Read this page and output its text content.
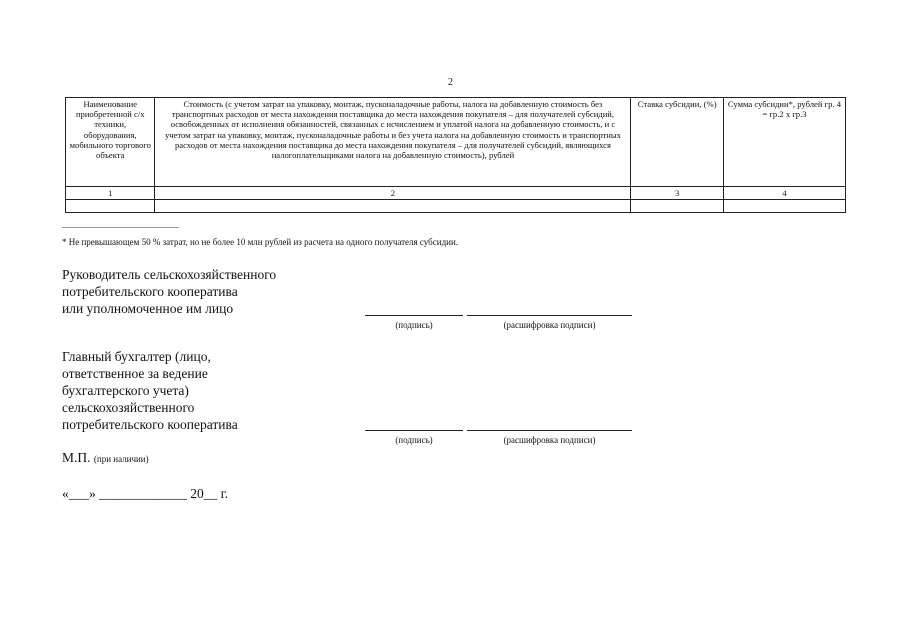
2
Наименование приобретенной с/х техники, оборудования, мобильного торгового объекта	Стоимость (с учетом затрат на упаковку, монтаж, пусконаладочные работы, налога на добавленную стоимость без транспортных расходов от места нахождения поставщика до места нахождения покупателя – для получателей субсидий, освобожденных от исполнения обязанностей, связанных с исчислением и уплатой налога на добавленную стоимость, и с учетом затрат на упаковку, монтаж, пусконаладочные работы и без учета налога на добавленную стоимость и транспортных расходов от места нахождения поставщика до места нахождения покупателя – для получателей субсидий, являющихся налогоплательщиками налога на добавленную стоимость), рублей	Ставка субсидии, (%)	Сумма субсидии*, рублей гр. 4 = гр.2 x гр.3
1	2	3	4

* Не превышающем 50 % затрат, но не более 10 млн рублей из расчета на одного получателя субсидии.
Руководитель сельскохозяйственного
потребительского кооператива
или уполномоченное им лицо
(подпись)	(расшифровка подписи)
Главный бухгалтер (лицо,
ответственное за ведение
бухгалтерского учета)
сельскохозяйственного
потребительского кооператива
(подпись)	(расшифровка подписи)
М.П. (при наличии)
«___» _____________ 20__ г.
